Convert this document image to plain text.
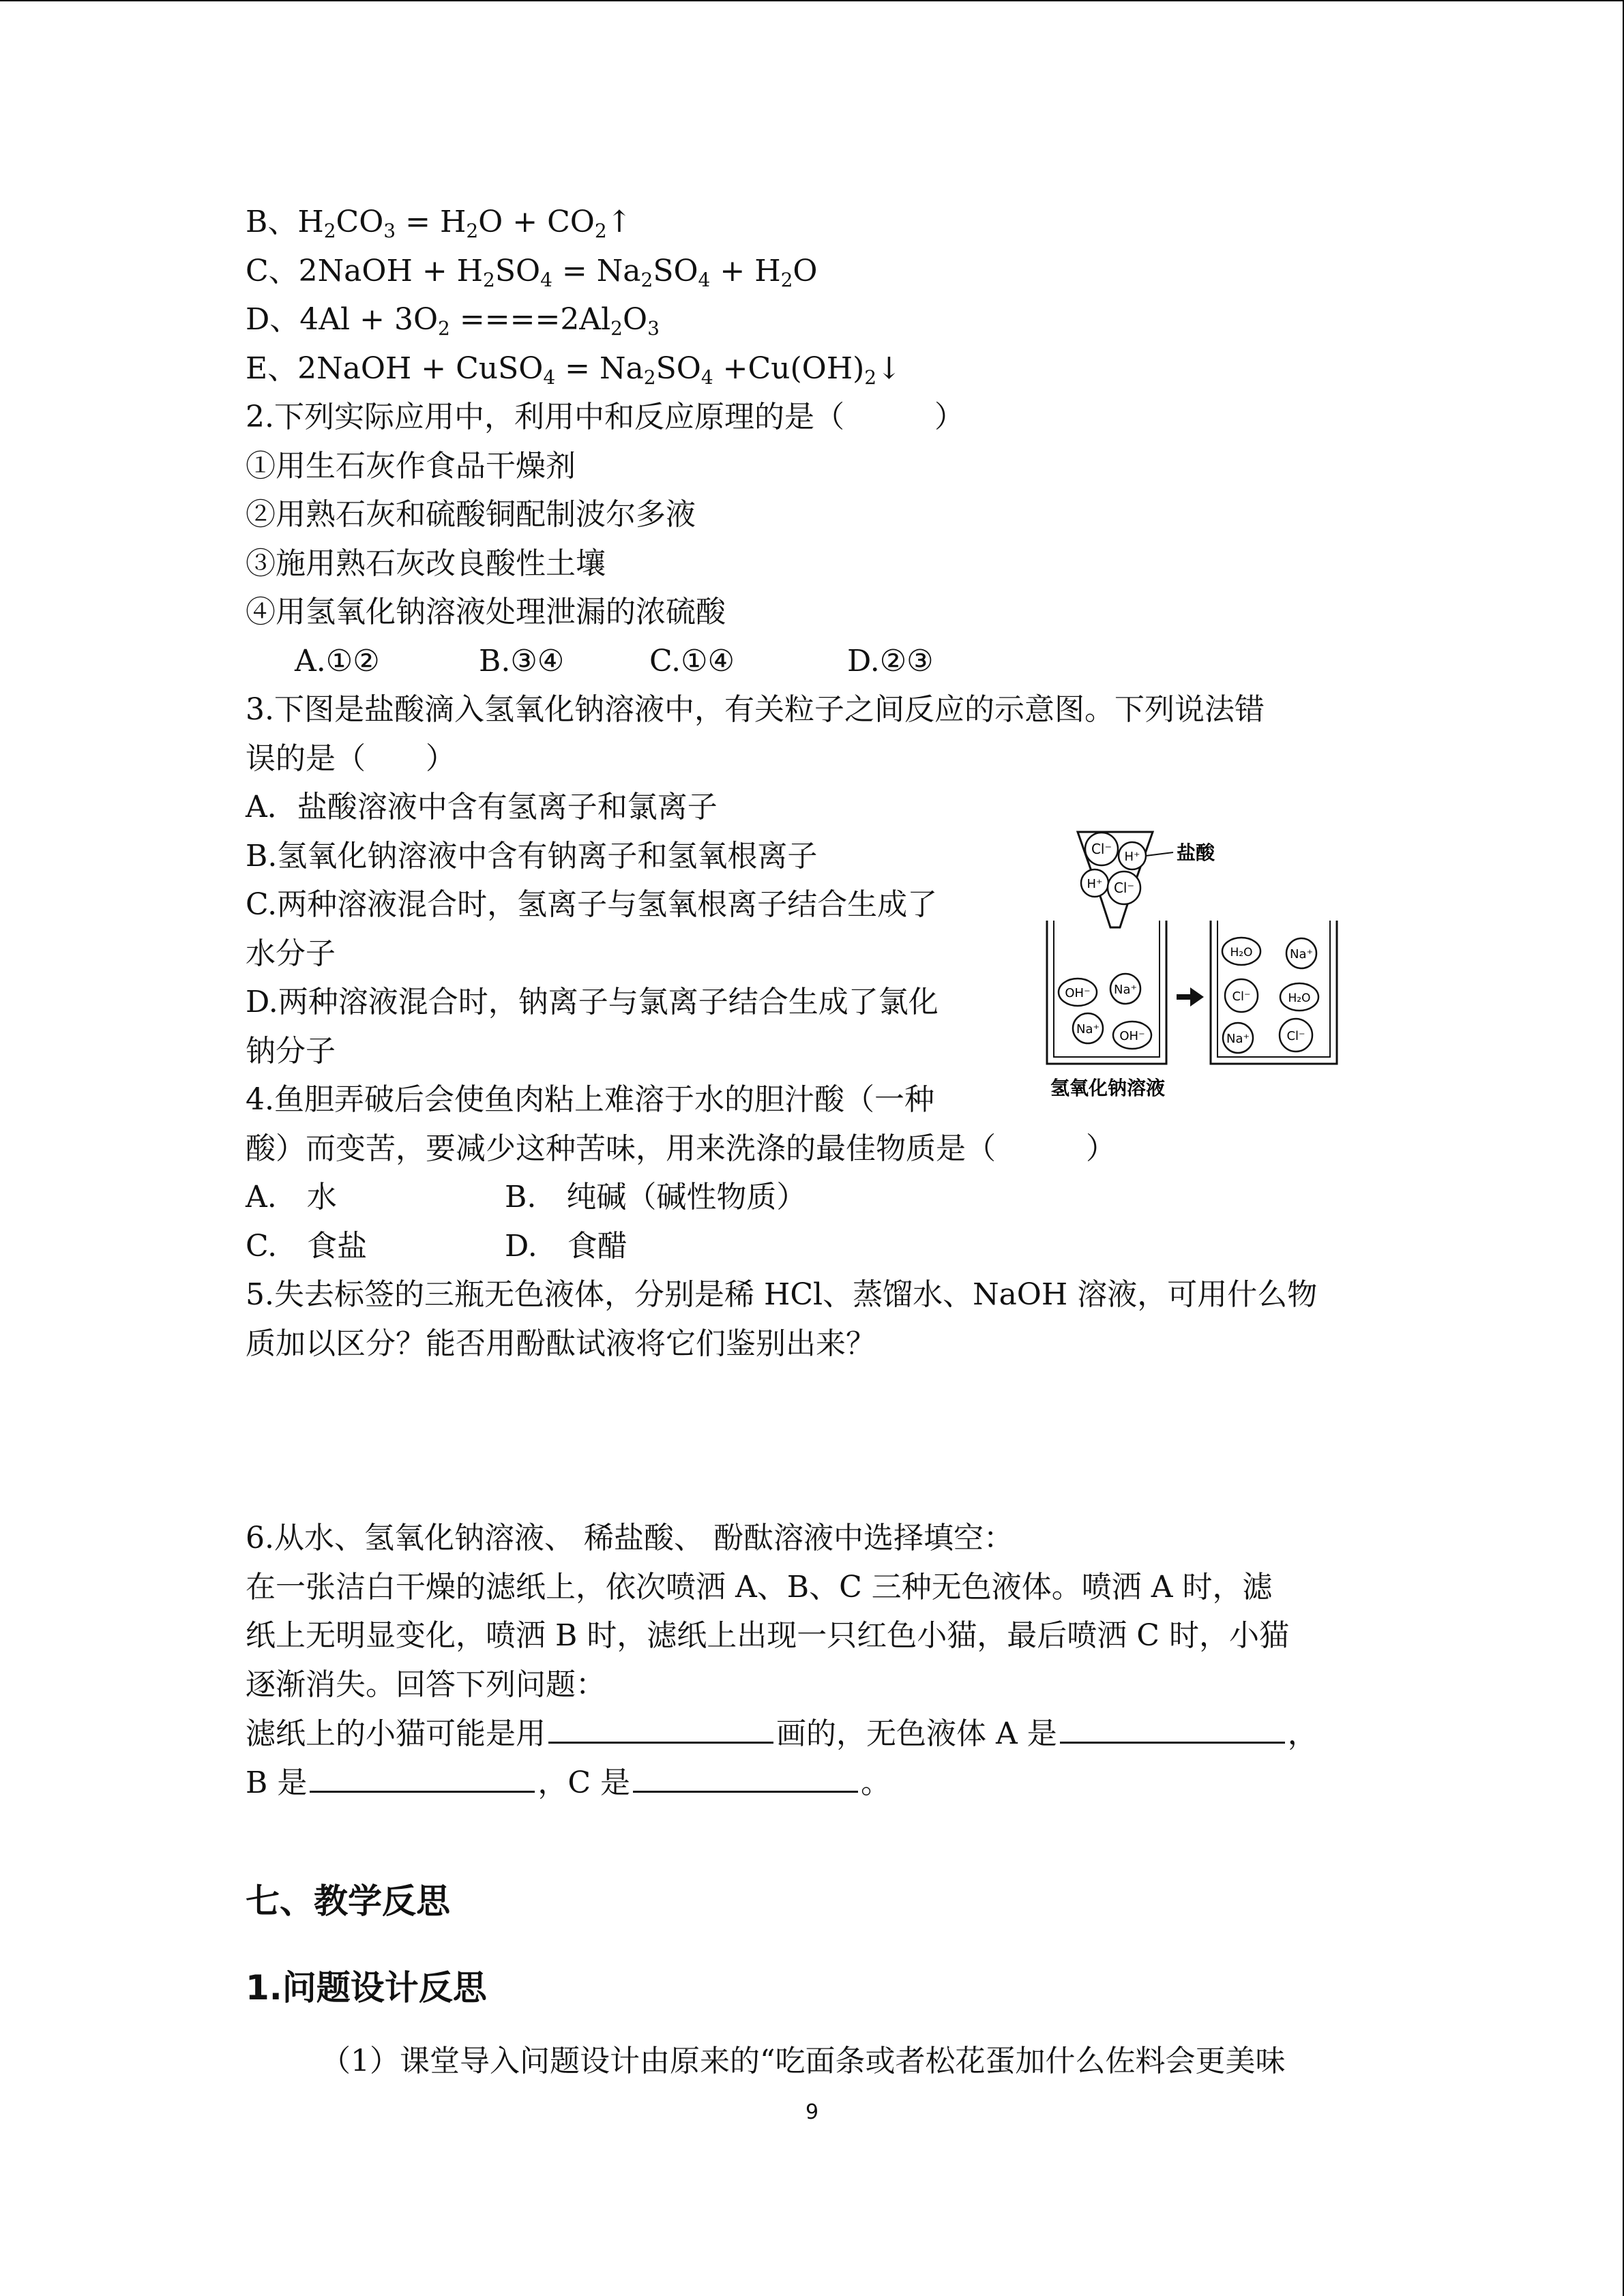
B、$H_2CO_3 = H_2O$ + $CO_2↑$
C、2NaOH + $H_2SO_4 = Na_2SO_4 + H_2O$
D、$4Al + 3O_2 ====2Al_2O_3$
E、2NaOH + CuSO$_4$ = $Na_2SO_4$ $+Cu(OH)_2↓$
2.下列实际应用中，利用中和反应原理的是（　　　）
①用生石灰作食品干燥剂
②用熟石灰和硫酸铜配制波尔多液
③施用熟石灰改良酸性土壤
④用氢氧化钠溶液处理泄漏的浓硫酸
A.①②	B.③④	C.①④	D.②③
3.下图是盐酸滴入氢氧化钠溶液中，有关粒子之间反应的示意图。下列说法错
误的是（　　）
A．盐酸溶液中含有氢离子和氯离子
B.氢氧化钠溶液中含有钠离子和氢氧根离子
C.两种溶液混合时，氢离子与氢氧根离子结合生成了
水分子
D.两种溶液混合时，钠离子与氯离子结合生成了氯化
钠分子
4.鱼胆弄破后会使鱼肉粘上难溶于水的胆汁酸（一种
酸）而变苦，要减少这种苦味，用来洗涤的最佳物质是（　　　）
A.　水	B.　纯碱（碱性物质）
C.　食盐	D.　食醋
5.失去标签的三瓶无色液体，分别是稀 HCl、蒸馏水、NaOH 溶液，可用什么物
质加以区分？能否用酚酞试液将它们鉴别出来？
6.从水、氢氧化钠溶液、 稀盐酸、 酚酞溶液中选择填空：
在一张洁白干燥的滤纸上，依次喷洒 A、B、C 三种无色液体。喷洒 A 时，滤
纸上无明显变化，喷洒 B 时，滤纸上出现一只红色小猫，最后喷洒 C 时，小猫
逐渐消失。回答下列问题：
滤纸上的小猫可能是用	画的，无色液体 A 是	，
B 是	，C 是	。
Cl⁻ H⁺
H⁺ Cl⁻
盐酸
OH⁻ Na⁺
Na⁺ OH⁻
H₂O	Na⁺
Cl⁻	H₂O
Na⁺	Cl⁻
氢氧化钠溶液
七、教学反思
1.问题设计反思
（1）课堂导入问题设计由原来的“吃面条或者松花蛋加什么佐料会更美味
9
